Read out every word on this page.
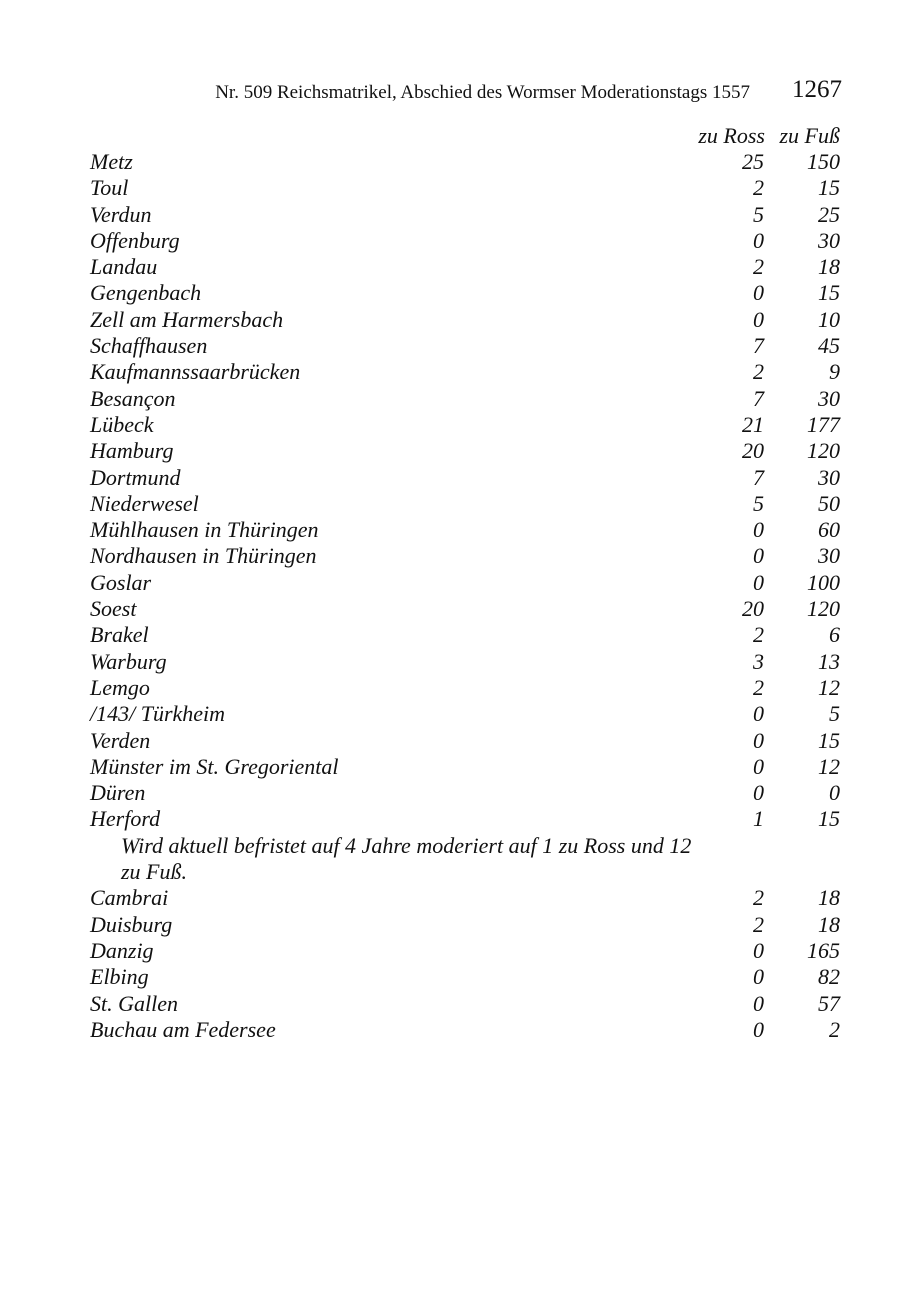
Nr. 509 Reichsmatrikel, Abschied des Wormser Moderationstags 1557 1267
zu Ross zu Fuß
Metz	25 150
Toul	2 15
Verdun	5 25
Offenburg	0 30
Landau	2 18
Gengenbach	0 15
Zell am Harmersbach	0 10
Schaffhausen	7 45
Kaufmannssaarbrücken	2	9
Besançon	7 30
Lübeck	21 177
Hamburg	20 120
Dortmund	7 30
Niederwesel	5 50
Mühlhausen in Thüringen	0 60
Nordhausen in Thüringen	0 30
Goslar	0 100
Soest	20 120
Brakel	2	6
Warburg	3 13
Lemgo	2 12
/143/ Türkheim	0	5
Verden	0 15
Münster im St. Gregoriental	0 12
Düren	0	0
Herford	1 15
Wird aktuell befristet auf 4 Jahre moderiert auf 1 zu Ross und 12 zu Fuß.
Cambrai	2 18
Duisburg	2 18
Danzig	0 165
Elbing	0 82
St. Gallen	0 57
Buchau am Federsee	0	2
